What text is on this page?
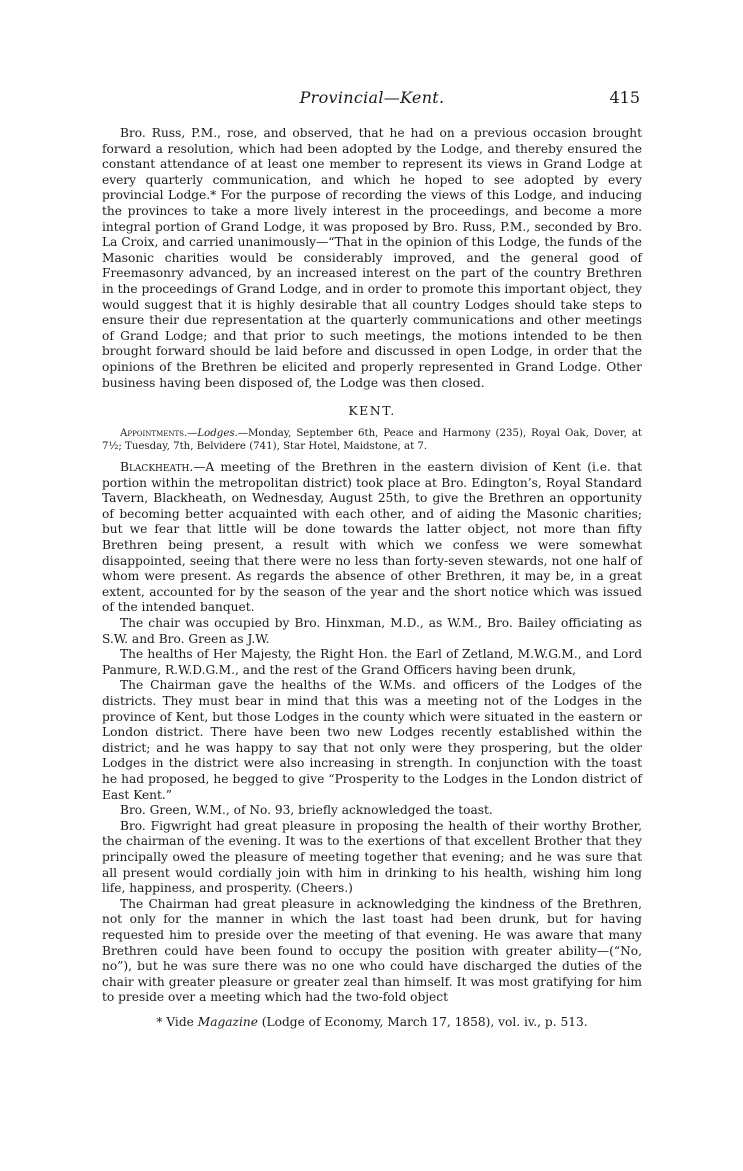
Provincial—Kent.	415

Bro. Russ, P.M., rose, and observed, that he had on a previous occasion brought forward a resolution, which had been adopted by the Lodge, and thereby ensured the constant attendance of at least one member to represent its views in Grand Lodge at every quarterly communication, and which he hoped to see adopted by every provincial Lodge.* For the purpose of recording the views of this Lodge, and inducing the provinces to take a more lively interest in the proceedings, and become a more integral portion of Grand Lodge, it was proposed by Bro. Russ, P.M., seconded by Bro. La Croix, and carried unanimously—“That in the opinion of this Lodge, the funds of the Masonic charities would be considerably improved, and the general good of Freemasonry advanced, by an increased interest on the part of the country Brethren in the proceedings of Grand Lodge, and in order to promote this important object, they would suggest that it is highly desirable that all country Lodges should take steps to ensure their due representation at the quarterly communications and other meetings of Grand Lodge; and that prior to such meetings, the motions intended to be then brought forward should be laid before and discussed in open Lodge, in order that the opinions of the Brethren be elicited and properly represented in Grand Lodge. Other business having been disposed of, the Lodge was then closed.

KENT.

Appointments.—Lodges.—Monday, September 6th, Peace and Harmony (235), Royal Oak, Dover, at 7½; Tuesday, 7th, Belvidere (741), Star Hotel, Maidstone, at 7.

Blackheath.—A meeting of the Brethren in the eastern division of Kent (i.e. that portion within the metropolitan district) took place at Bro. Edington’s, Royal Standard Tavern, Blackheath, on Wednesday, August 25th, to give the Brethren an opportunity of becoming better acquainted with each other, and of aiding the Masonic charities; but we fear that little will be done towards the latter object, not more than fifty Brethren being present, a result with which we confess we were somewhat disappointed, seeing that there were no less than forty-seven stewards, not one half of whom were present. As regards the absence of other Brethren, it may be, in a great extent, accounted for by the season of the year and the short notice which was issued of the intended banquet.

The chair was occupied by Bro. Hinxman, M.D., as W.M., Bro. Bailey officiating as S.W. and Bro. Green as J.W.

The healths of Her Majesty, the Right Hon. the Earl of Zetland, M.W.G.M., and Lord Panmure, R.W.D.G.M., and the rest of the Grand Officers having been drunk,

The Chairman gave the healths of the W.Ms. and officers of the Lodges of the districts. They must bear in mind that this was a meeting not of the Lodges in the province of Kent, but those Lodges in the county which were situated in the eastern or London district. There have been two new Lodges recently established within the district; and he was happy to say that not only were they prospering, but the older Lodges in the district were also increasing in strength. In conjunction with the toast he had proposed, he begged to give “Prosperity to the Lodges in the London district of East Kent.”

Bro. Green, W.M., of No. 93, briefly acknowledged the toast.

Bro. Figwright had great pleasure in proposing the health of their worthy Brother, the chairman of the evening. It was to the exertions of that excellent Brother that they principally owed the pleasure of meeting together that evening; and he was sure that all present would cordially join with him in drinking to his health, wishing him long life, happiness, and prosperity. (Cheers.)

The Chairman had great pleasure in acknowledging the kindness of the Brethren, not only for the manner in which the last toast had been drunk, but for having requested him to preside over the meeting of that evening. He was aware that many Brethren could have been found to occupy the position with greater ability—(“No, no”), but he was sure there was no one who could have discharged the duties of the chair with greater pleasure or greater zeal than himself. It was most gratifying for him to preside over a meeting which had the two-fold object

* Vide Magazine (Lodge of Economy, March 17, 1858), vol. iv., p. 513.
